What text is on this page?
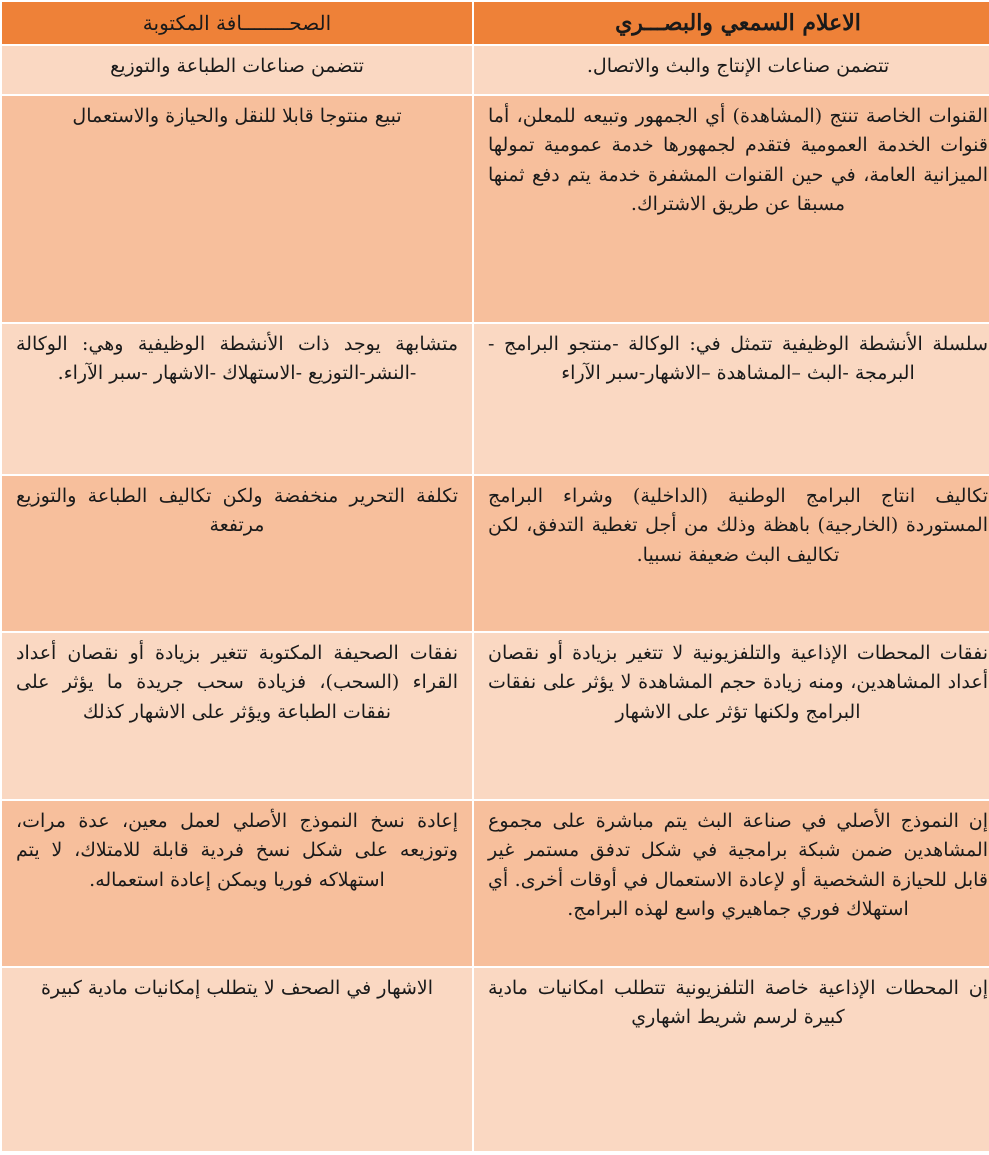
الاعلام السمعي والبصـــري	الصحــــــــافة المكتوبة
تتضمن صناعات الإنتاج والبث والاتصال.	تتضمن صناعات الطباعة والتوزيع
القنوات الخاصة تنتج (المشاهدة) أي الجمهور وتبيعه للمعلن، أما قنوات الخدمة العمومية فتقدم لجمهورها خدمة عمومية تمولها الميزانية العامة، في حين القنوات المشفرة خدمة يتم دفع ثمنها مسبقا عن طريق الاشتراك.	تبيع منتوجا قابلا للنقل والحيازة والاستعمال
سلسلة الأنشطة الوظيفية تتمثل في: الوكالة -منتجو البرامج - البرمجة -البث –المشاهدة –الاشهار-سبر الآراء	متشابهة يوجد ذات الأنشطة الوظيفية وهي: الوكالة -النشر-التوزيع -الاستهلاك -الاشهار -سبر الآراء.
تكاليف انتاج البرامج الوطنية (الداخلية) وشراء البرامج المستوردة (الخارجية) باهظة وذلك من أجل تغطية التدفق، لكن تكاليف البث ضعيفة نسبيا.	تكلفة التحرير منخفضة ولكن تكاليف الطباعة والتوزيع مرتفعة
نفقات المحطات الإذاعية والتلفزيونية لا تتغير بزيادة أو نقصان أعداد المشاهدين، ومنه زيادة حجم المشاهدة لا يؤثر على نفقات البرامج ولكنها تؤثر على الاشهار	نفقات الصحيفة المكتوبة تتغير بزيادة أو نقصان أعداد القراء (السحب)، فزيادة سحب جريدة ما يؤثر على نفقات الطباعة ويؤثر على الاشهار كذلك
إن النموذج الأصلي في صناعة البث يتم مباشرة على مجموع المشاهدين ضمن شبكة برامجية في شكل تدفق مستمر غير قابل للحيازة الشخصية أو لإعادة الاستعمال في أوقات أخرى. أي استهلاك فوري جماهيري واسع لهذه البرامج.	إعادة نسخ النموذج الأصلي لعمل معين، عدة مرات، وتوزيعه على شكل نسخ فردية قابلة للامتلاك، لا يتم استهلاكه فوريا ويمكن إعادة استعماله.
إن المحطات الإذاعية خاصة التلفزيونية تتطلب امكانيات مادية كبيرة لرسم شريط اشهاري	الاشهار في الصحف لا يتطلب إمكانيات مادية كبيرة
